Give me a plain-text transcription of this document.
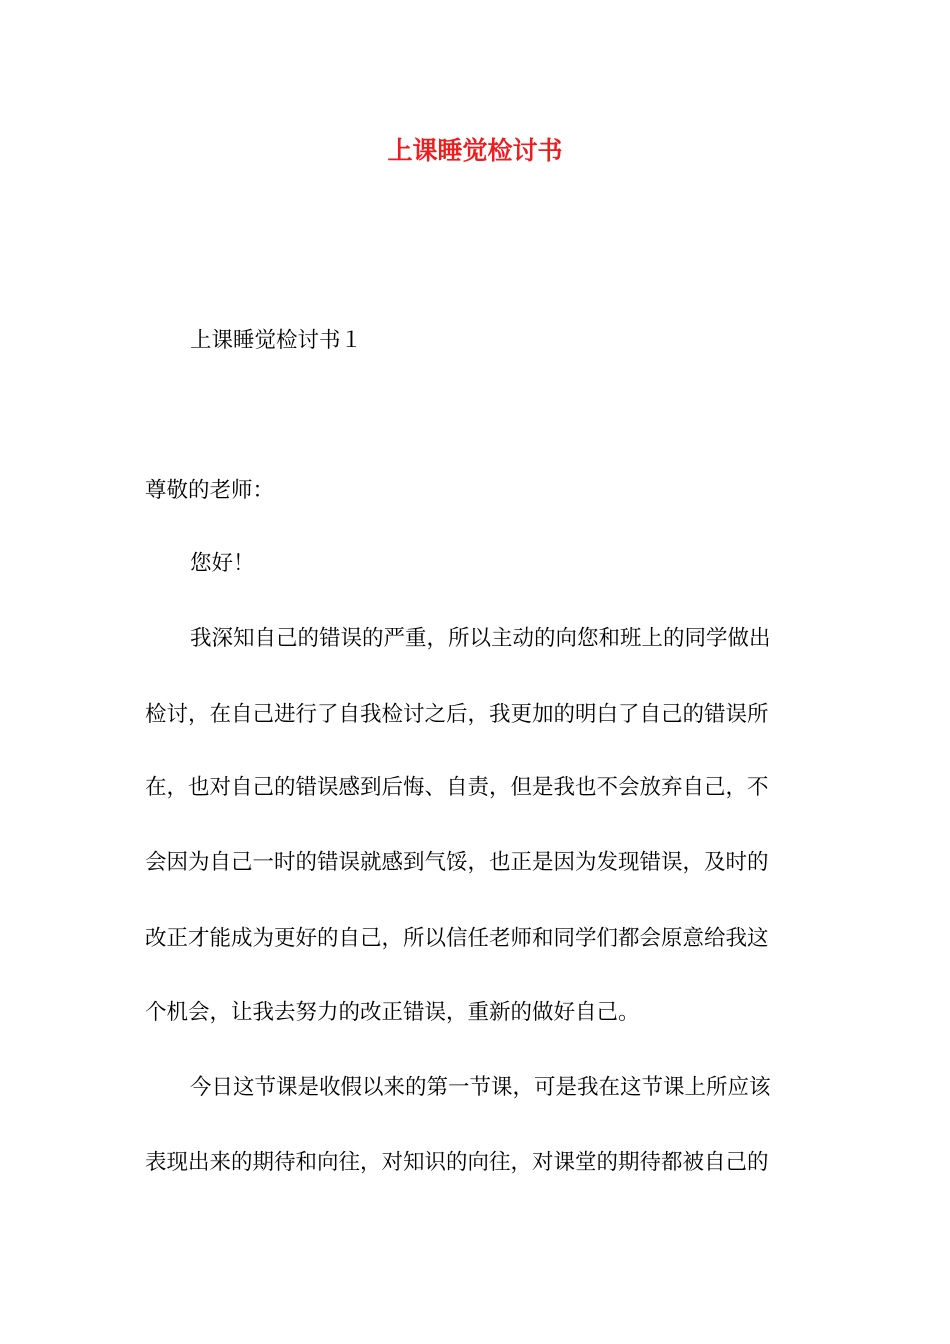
上课睡觉检讨书
上课睡觉检讨书１
尊敬的老师：
您好！
我深知自己的错误的严重，所以主动的向您和班上的同学做出
检讨，在自己进行了自我检讨之后，我更加的明白了自己的错误所
在，也对自己的错误感到后悔、自责，但是我也不会放弃自己，不
会因为自己一时的错误就感到气馁，也正是因为发现错误，及时的
改正才能成为更好的自己，所以信任老师和同学们都会原意给我这
个机会，让我去努力的改正错误，重新的做好自己。
今日这节课是收假以来的第一节课，可是我在这节课上所应该
表现出来的期待和向往，对知识的向往，对课堂的期待都被自己的
